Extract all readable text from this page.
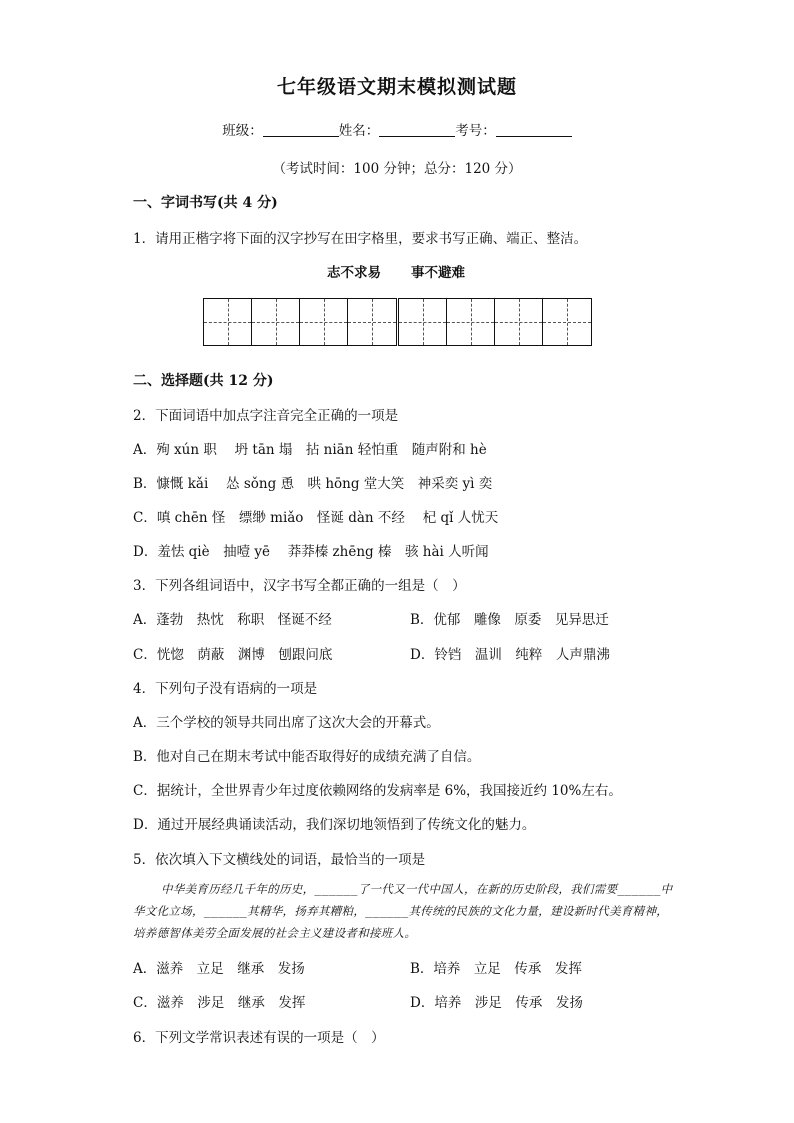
七年级语文期末模拟测试题
班级：	姓名：	考号：
（考试时间：100 分钟；总分：120 分）
一、字词书写(共 4 分)
1．请用正楷字将下面的汉字抄写在田字格里，要求书写正确、端正、整洁。
志不求易 事不避难
二、选择题(共 12 分)
2．下面词语中加点字注音完全正确的一项是
A．殉 xún 职　 坍 tān 塌　拈 niān 轻怕重　随声附和 hè
B．慷慨 kǎi　 怂 sǒng 恿　哄 hōng 堂大笑　神采奕 yì 奕
C．嗔 chēn 怪　缥缈 miǎo　怪诞 dàn 不经　 杞 qǐ 人忧天
D．羞怯 qiè　抽噎 yē　 莽莽榛 zhēng 榛　骇 hài 人听闻
3．下列各组词语中，汉字书写全都正确的一组是（　）
A．蓬勃　热忱　称职　怪诞不经	B．优郁　雕像　原委　见异思迁
C．恍惚　荫蔽　渊博　刨跟问底	D．铃铛　温训　纯粹　人声鼎沸
4．下列句子没有语病的一项是
A．三个学校的领导共同出席了这次大会的开幕式。
B．他对自己在期末考试中能否取得好的成绩充满了自信。
C．据统计，全世界青少年过度依赖网络的发病率是 6%，我国接近约 10%左右。
D．通过开展经典诵读活动，我们深切地领悟到了传统文化的魅力。
5．依次填入下文横线处的词语，最恰当的一项是
中华美育历经几千年的历史，______了一代又一代中国人，在新的历史阶段，我们需要______中华文化立场，______其精华，扬弃其糟粕，______其传统的民族的文化力量，建设新时代美育精神，培养德智体美劳全面发展的社会主义建设者和接班人。
A．滋养　立足　继承　发扬	B．培养　立足　传承　发挥
C．滋养　涉足　继承　发挥	D．培养　涉足　传承　发扬
6．下列文学常识表述有误的一项是（　）
